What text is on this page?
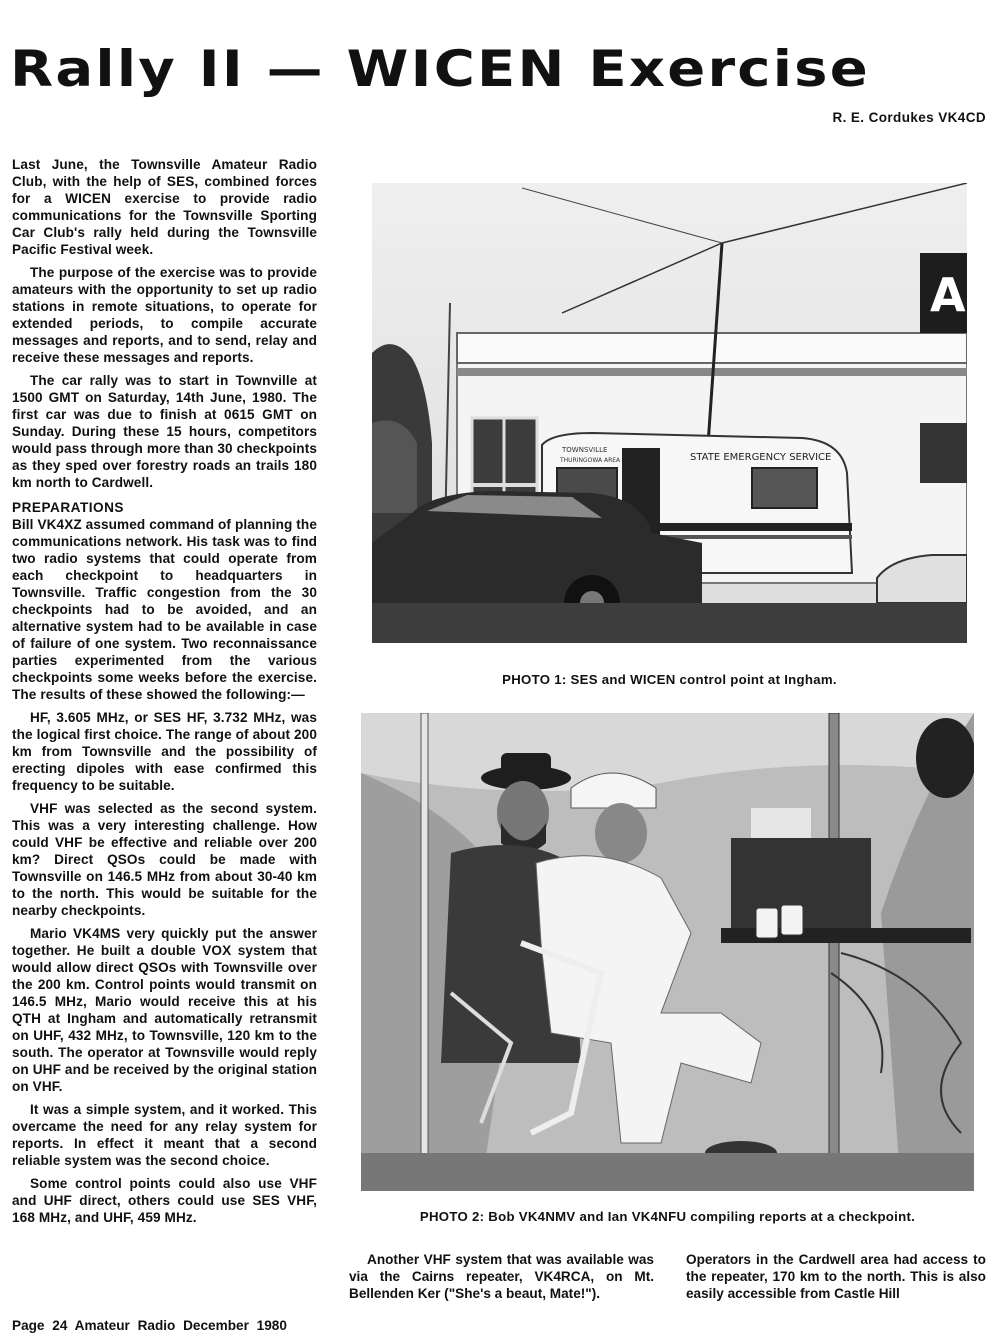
Rally II — WICEN Exercise
R. E. Cordukes VK4CD

Last June, the Townsville Amateur Radio Club, with the help of SES, combined forces for a WICEN exercise to provide radio communications for the Townsville Sporting Car Club's rally held during the Townsville Pacific Festival week.

The purpose of the exercise was to provide amateurs with the opportunity to set up radio stations in remote situations, to operate for extended periods, to compile accurate messages and reports, and to send, relay and receive these messages and reports.

The car rally was to start in Townville at 1500 GMT on Saturday, 14th June, 1980. The first car was due to finish at 0615 GMT on Sunday. During these 15 hours, competitors would pass through more than 30 checkpoints as they sped over forestry roads an trails 180 km north to Cardwell.

PREPARATIONS

Bill VK4XZ assumed command of planning the communications network. His task was to find two radio systems that could operate from each checkpoint to headquarters in Townsville. Traffic congestion from the 30 checkpoints had to be avoided, and an alternative system had to be available in case of failure of one system. Two reconnaissance parties experimented from the various checkpoints some weeks before the exercise. The results of these showed the following:—

HF, 3.605 MHz, or SES HF, 3.732 MHz, was the logical first choice. The range of about 200 km from Townsville and the possibility of erecting dipoles with ease confirmed this frequency to be suitable.

VHF was selected as the second system. This was a very interesting challenge. How could VHF be effective and reliable over 200 km? Direct QSOs could be made with Townsville on 146.5 MHz from about 30-40 km to the north. This would be suitable for the nearby checkpoints.

Mario VK4MS very quickly put the answer together. He built a double VOX system that would allow direct QSOs with Townsville over the 200 km. Control points would transmit on 146.5 MHz, Mario would receive this at his QTH at Ingham and automatically retransmit on UHF, 432 MHz, to Townsville, 120 km to the south. The operator at Townsville would reply on UHF and be received by the original station on VHF.

It was a simple system, and it worked. This overcame the need for any relay system for reports. In effect it meant that a second reliable system was the second choice.

Some control points could also use VHF and UHF direct, others could use SES VHF, 168 MHz, and UHF, 459 MHz.

A
STATE EMERGENCY SERVICE
TOWNSVILLE
THURINGOWA AREA
PHOTO 1: SES and WICEN control point at Ingham.
PHOTO 2: Bob VK4NMV and Ian VK4NFU compiling reports at a checkpoint.

Another VHF system that was available was via the Cairns repeater, VK4RCA, on Mt. Bellenden Ker ("She's a beaut, Mate!").

Operators in the Cardwell area had access to the repeater, 170 km to the north. This is also easily accessible from Castle Hill

Page 24 Amateur Radio December 1980
